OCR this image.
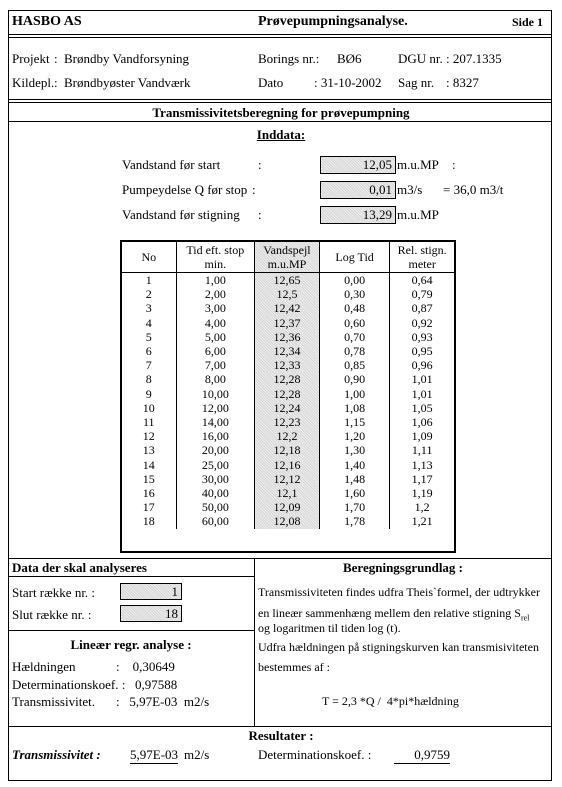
HASBO AS	Prøvepumpningsanalyse.	Side 1
Projekt : Brøndby Vandforsyning
Kildepl. : Brøndbyøster Vandværk
Borings nr.: BØ6
Dato : 31-10-2002
DGU nr. : 207.1335
Sag nr. : 8327
Transmissivitetsberegning for prøvepumpning
Inddata:
Vandstand før start	:	12,05 m.u.MP :
Pumpeydelse Q før stop :	0,01 m3/s = 36,0 m3/t
Vandstand før stigning :	13,29 m.u.MP
No	Tid eft. stop min.	Vandspejl m.u.MP	Log Tid	Rel. stign. meter
1	1,00	12,65	0,00	0,64
2	2,00	12,5	0,30	0,79
3	3,00	12,42	0,48	0,87
4	4,00	12,37	0,60	0,92
5	5,00	12,36	0,70	0,93
6	6,00	12,34	0,78	0,95
7	7,00	12,33	0,85	0,96
8	8,00	12,28	0,90	1,01
9	10,00	12,28	1,00	1,01
10	12,00	12,24	1,08	1,05
11	14,00	12,23	1,15	1,06
12	16,00	12,2	1,20	1,09
13	20,00	12,18	1,30	1,11
14	25,00	12,16	1,40	1,13
15	30,00	12,12	1,48	1,17
16	40,00	12,1	1,60	1,19
17	50,00	12,09	1,70	1,2
18	60,00	12,08	1,78	1,21
Data der skal analyseres
Start række nr. :	1
Slut række nr. :	18
Lineær regr. analyse :
Hældningen	:    0,30649
Determinationskoef. : 0,97588
Transmissivitet. :   5,97E-03  m2/s
Beregningsgrundlag :
Transmissiviteten findes udfra Theis`formel, der udtrykker
en lineær sammenhæng mellem den relative stigning $S_{rel}$
og logaritmen til tiden log (t).
Udfra hældningen på stigningskurven kan transmisiviteten
bestemmes af :
T = 2,3 *Q /  4*pi*hældning
Resultater :
Transmissivitet : 5,97E-03 m2/s	Determinationskoef. :	0,9759
